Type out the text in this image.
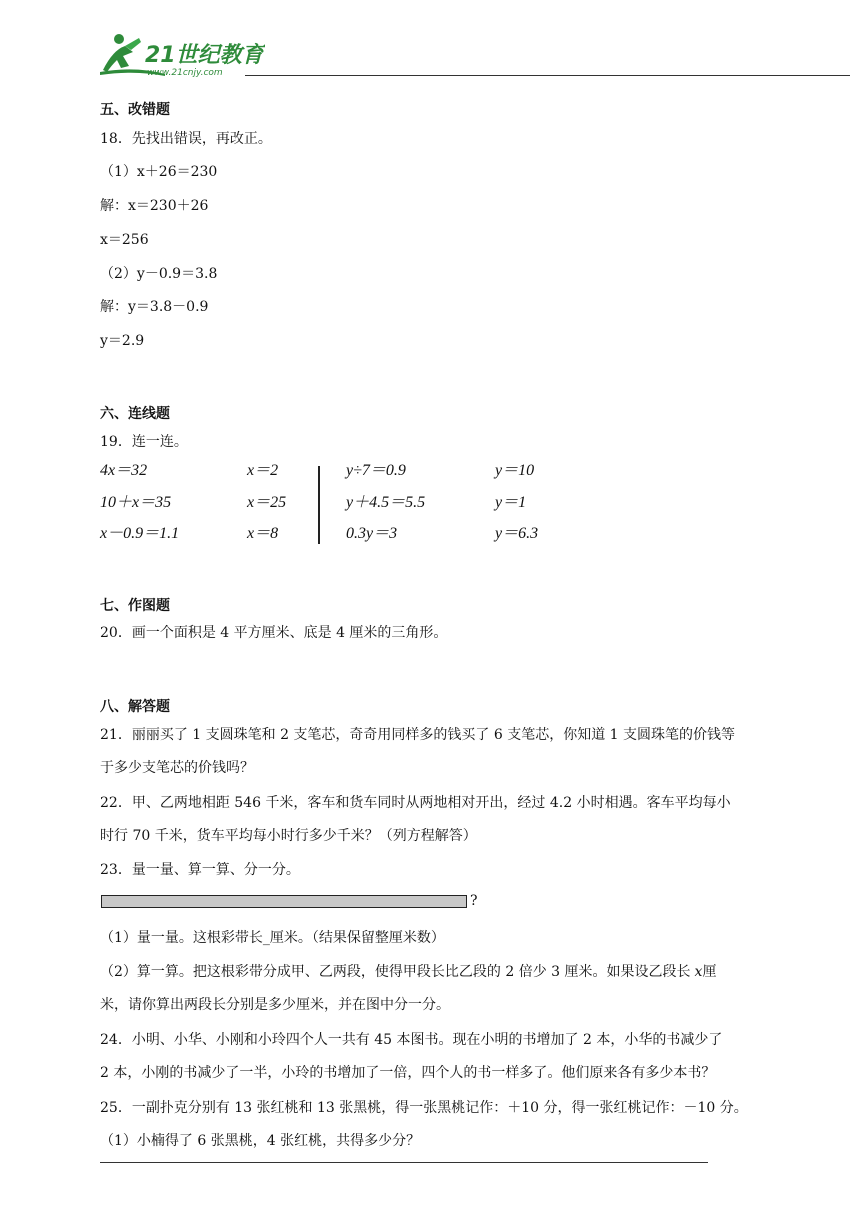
21世纪教育
www.21cnjy.com
五、改错题
18．先找出错误，再改正。
（1）x＋26＝230
解：x＝230＋26
x＝256
（2）y－0.9＝3.8
解：y＝3.8－0.9
y＝2.9
六、连线题
19．连一连。
4x＝32
10＋x＝35
x－0.9＝1.1
x＝2
x＝25
x＝8
y÷7＝0.9
y＋4.5＝5.5
0.3y＝3
y＝10
y＝1
y＝6.3
七、作图题
20．画一个面积是 4 平方厘米、底是 4 厘米的三角形。
八、解答题
21．丽丽买了 1 支圆珠笔和 2 支笔芯，奇奇用同样多的钱买了 6 支笔芯，你知道 1 支圆珠笔的价钱等
于多少支笔芯的价钱吗？
22．甲、乙两地相距 546 千米，客车和货车同时从两地相对开出，经过 4.2 小时相遇。客车平均每小
时行 70 千米，货车平均每小时行多少千米？（列方程解答）
23．量一量、算一算、分一分。
?
（1）量一量。这根彩带长_厘米。（结果保留整厘米数）
（2）算一算。把这根彩带分成甲、乙两段，使得甲段长比乙段的 2 倍少 3 厘米。如果设乙段长 x厘
米，请你算出两段长分别是多少厘米，并在图中分一分。
24．小明、小华、小刚和小玲四个人一共有 45 本图书。现在小明的书增加了 2 本，小华的书减少了
2 本，小刚的书减少了一半，小玲的书增加了一倍，四个人的书一样多了。他们原来各有多少本书？
25．一副扑克分别有 13 张红桃和 13 张黑桃，得一张黑桃记作：＋10 分，得一张红桃记作：－10 分。
（1）小楠得了 6 张黑桃，4 张红桃，共得多少分？
